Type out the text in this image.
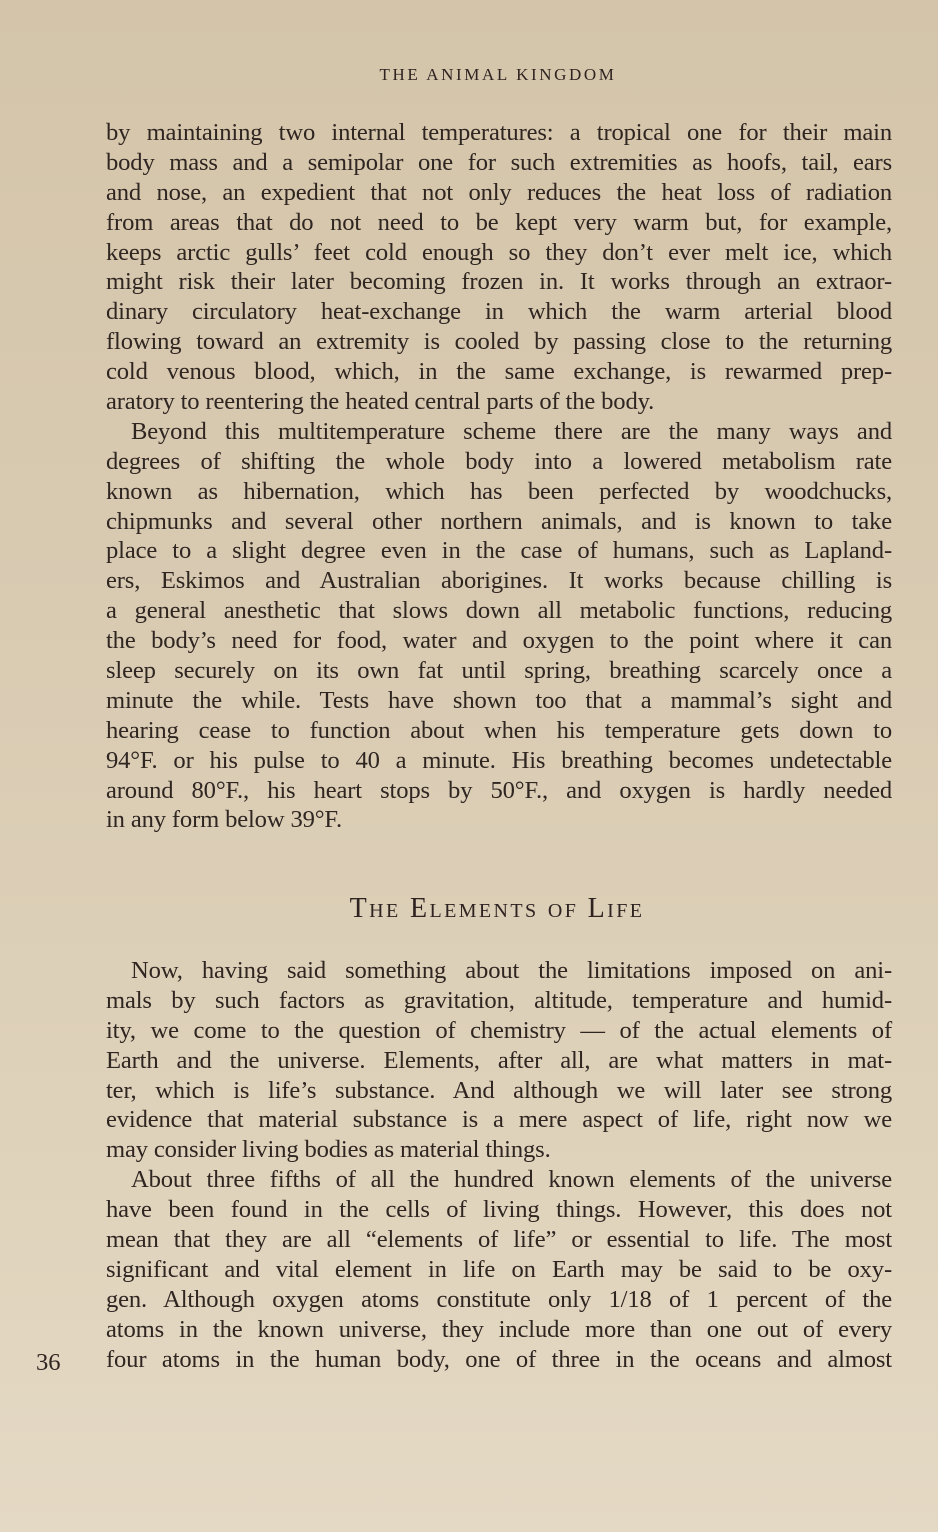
THE ANIMAL KINGDOM

by maintaining two internal temperatures: a tropical one for their main
body mass and a semipolar one for such extremities as hoofs, tail, ears
and nose, an expedient that not only reduces the heat loss of radiation
from areas that do not need to be kept very warm but, for example,
keeps arctic gulls’ feet cold enough so they don’t ever melt ice, which
might risk their later becoming frozen in. It works through an extraor-
dinary circulatory heat-exchange in which the warm arterial blood
flowing toward an extremity is cooled by passing close to the returning
cold venous blood, which, in the same exchange, is rewarmed prep-
aratory to reentering the heated central parts of the body.

Beyond this multitemperature scheme there are the many ways and
degrees of shifting the whole body into a lowered metabolism rate
known as hibernation, which has been perfected by woodchucks,
chipmunks and several other northern animals, and is known to take
place to a slight degree even in the case of humans, such as Lapland-
ers, Eskimos and Australian aborigines. It works because chilling is
a general anesthetic that slows down all metabolic functions, reducing
the body’s need for food, water and oxygen to the point where it can
sleep securely on its own fat until spring, breathing scarcely once a
minute the while. Tests have shown too that a mammal’s sight and
hearing cease to function about when his temperature gets down to
94°F. or his pulse to 40 a minute. His breathing becomes undetectable
around 80°F., his heart stops by 50°F., and oxygen is hardly needed
in any form below 39°F.

The Elements of Life

Now, having said something about the limitations imposed on ani-
mals by such factors as gravitation, altitude, temperature and humid-
ity, we come to the question of chemistry — of the actual elements of
Earth and the universe. Elements, after all, are what matters in mat-
ter, which is life’s substance. And although we will later see strong
evidence that material substance is a mere aspect of life, right now we
may consider living bodies as material things.

About three fifths of all the hundred known elements of the universe
have been found in the cells of living things. However, this does not
mean that they are all “elements of life” or essential to life. The most
significant and vital element in life on Earth may be said to be oxy-
gen. Although oxygen atoms constitute only 1/18 of 1 percent of the
atoms in the known universe, they include more than one out of every
four atoms in the human body, one of three in the oceans and almost

36
